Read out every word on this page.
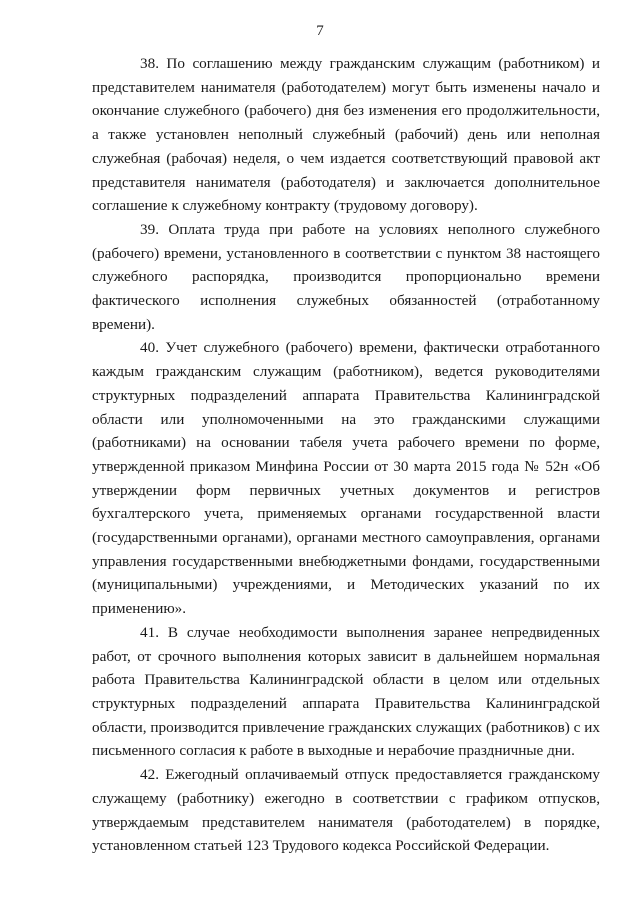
7

38. По соглашению между гражданским служащим (работником) и представителем нанимателя (работодателем) могут быть изменены начало и окончание служебного (рабочего) дня без изменения его продолжительности, а также установлен неполный служебный (рабочий) день или неполная служебная (рабочая) неделя, о чем издается соответствующий правовой акт представителя нанимателя (работодателя) и заключается дополнительное соглашение к служебному контракту (трудовому договору).

39. Оплата труда при работе на условиях неполного служебного (рабочего) времени, установленного в соответствии с пунктом 38 настоящего служебного распорядка, производится пропорционально времени фактического исполнения служебных обязанностей (отработанному времени).

40. Учет служебного (рабочего) времени, фактически отработанного каждым гражданским служащим (работником), ведется руководителями структурных подразделений аппарата Правительства Калининградской области или уполномоченными на это гражданскими служащими (работниками) на основании табеля учета рабочего времени по форме, утвержденной приказом Минфина России от 30 марта 2015 года № 52н «Об утверждении форм первичных учетных документов и регистров бухгалтерского учета, применяемых органами государственной власти (государственными органами), органами местного самоуправления, органами управления государственными внебюджетными фондами, государственными (муниципальными) учреждениями, и Методических указаний по их применению».

41. В случае необходимости выполнения заранее непредвиденных работ, от срочного выполнения которых зависит в дальнейшем нормальная работа Правительства Калининградской области в целом или отдельных структурных подразделений аппарата Правительства Калининградской области, производится привлечение гражданских служащих (работников) с их письменного согласия к работе в выходные и нерабочие праздничные дни.

42. Ежегодный оплачиваемый отпуск предоставляется гражданскому служащему (работнику) ежегодно в соответствии с графиком отпусков, утверждаемым представителем нанимателя (работодателем) в порядке, установленном статьей 123 Трудового кодекса Российской Федерации.
